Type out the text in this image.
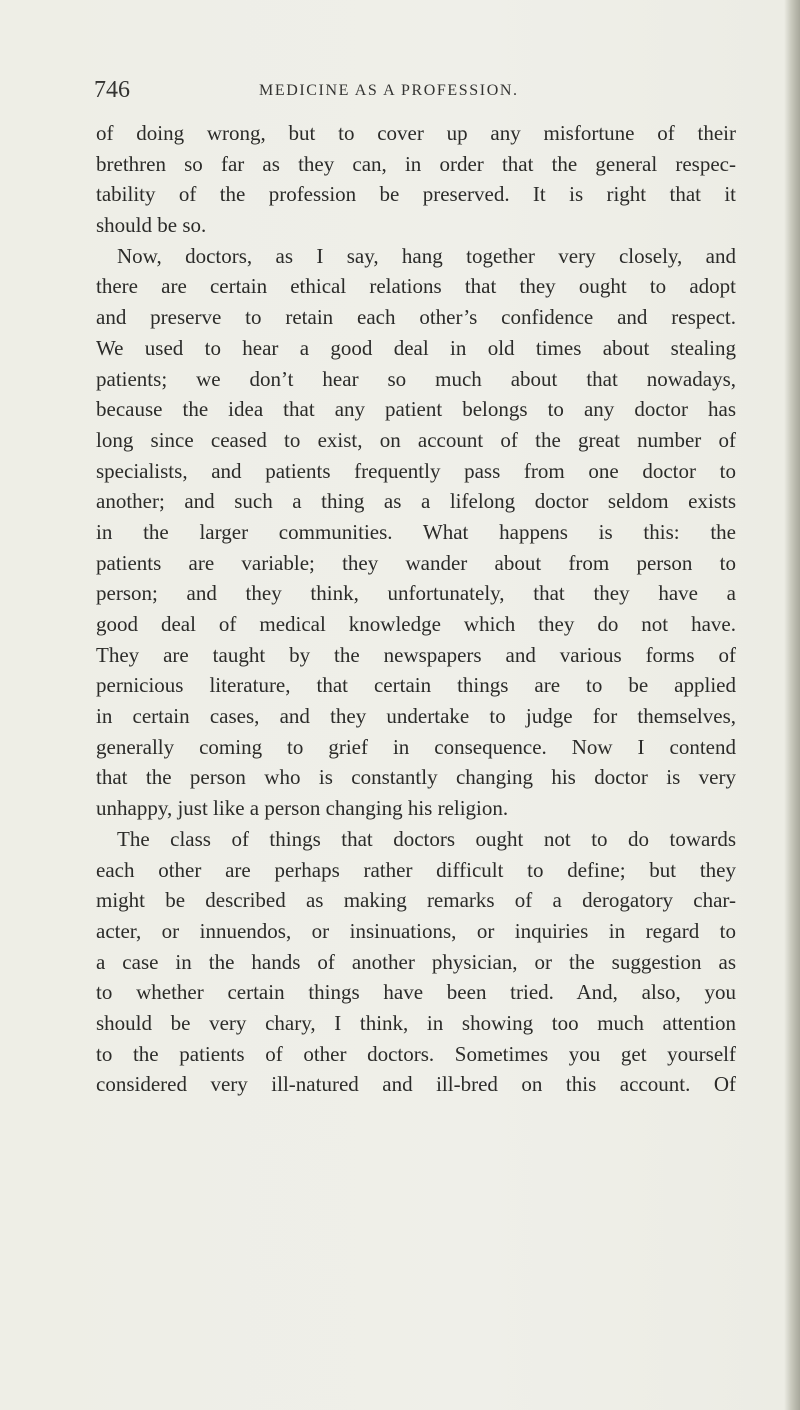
746	MEDICINE AS A PROFESSION.
of doing wrong, but to cover up any misfortune of their
brethren so far as they can, in order that the general respec-
tability of the profession be preserved. It is right that it
should be so.
Now, doctors, as I say, hang together very closely, and
there are certain ethical relations that they ought to adopt
and preserve to retain each other’s confidence and respect.
We used to hear a good deal in old times about stealing
patients; we don’t hear so much about that nowadays,
because the idea that any patient belongs to any doctor has
long since ceased to exist, on account of the great number of
specialists, and patients frequently pass from one doctor to
another; and such a thing as a lifelong doctor seldom exists
in the larger communities. What happens is this: the
patients are variable; they wander about from person to
person; and they think, unfortunately, that they have a
good deal of medical knowledge which they do not have.
They are taught by the newspapers and various forms of
pernicious literature, that certain things are to be applied
in certain cases, and they undertake to judge for themselves,
generally coming to grief in consequence. Now I contend
that the person who is constantly changing his doctor is very
unhappy, just like a person changing his religion.
The class of things that doctors ought not to do towards
each other are perhaps rather difficult to define; but they
might be described as making remarks of a derogatory char-
acter, or innuendos, or insinuations, or inquiries in regard to
a case in the hands of another physician, or the suggestion as
to whether certain things have been tried. And, also, you
should be very chary, I think, in showing too much attention
to the patients of other doctors. Sometimes you get yourself
considered very ill-natured and ill-bred on this account. Of
